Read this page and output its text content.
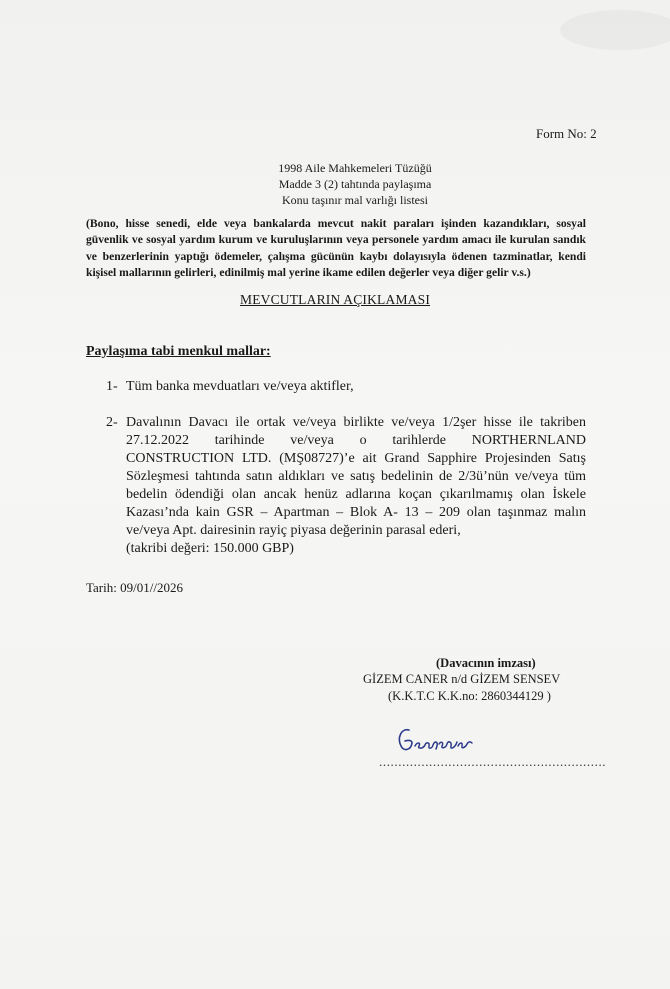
Form No: 2
1998 Aile Mahkemeleri Tüzüğü
Madde 3 (2) tahtında paylaşıma
Konu taşınır mal varlığı listesi
(Bono, hisse senedi, elde veya bankalarda mevcut nakit paraları işinden kazandıkları, sosyal güvenlik ve sosyal yardım kurum ve kuruluşlarının veya personele yardım amacı ile kurulan sandık ve benzerlerinin yaptığı ödemeler, çalışma gücünün kaybı dolayısıyla ödenen tazminatlar, kendi kişisel mallarının gelirleri, edinilmiş mal yerine ikame edilen değerler veya diğer gelir v.s.)
MEVCUTLARIN AÇIKLAMASI
Paylaşıma tabi menkul mallar:
1- Tüm banka mevduatları ve/veya aktifler,
2- Davalının Davacı ile ortak ve/veya birlikte ve/veya 1/2şer hisse ile takriben
27.12.2022 tarihinde ve/veya o tarihlerde NORTHERNLAND
CONSTRUCTION LTD. (MŞ08727)’e ait Grand Sapphire Projesinden Satış
Sözleşmesi tahtında satın aldıkları ve satış bedelinin de 2/3ü’nün ve/veya tüm
bedelin ödendiği olan ancak henüz adlarına koçan çıkarılmamış olan İskele
Kazası’nda kain GSR – Apartman – Blok A- 13 – 209 olan taşınmaz malın
ve/veya Apt. dairesinin rayiç piyasa değerinin parasal ederi,
(takribi değeri: 150.000 GBP)
Tarih: 09/01//2026
(Davacının imzası)
GİZEM CANER n/d GİZEM SENSEV
(K.K.T.C K.K.no: 2860344129 )
...........................................................
